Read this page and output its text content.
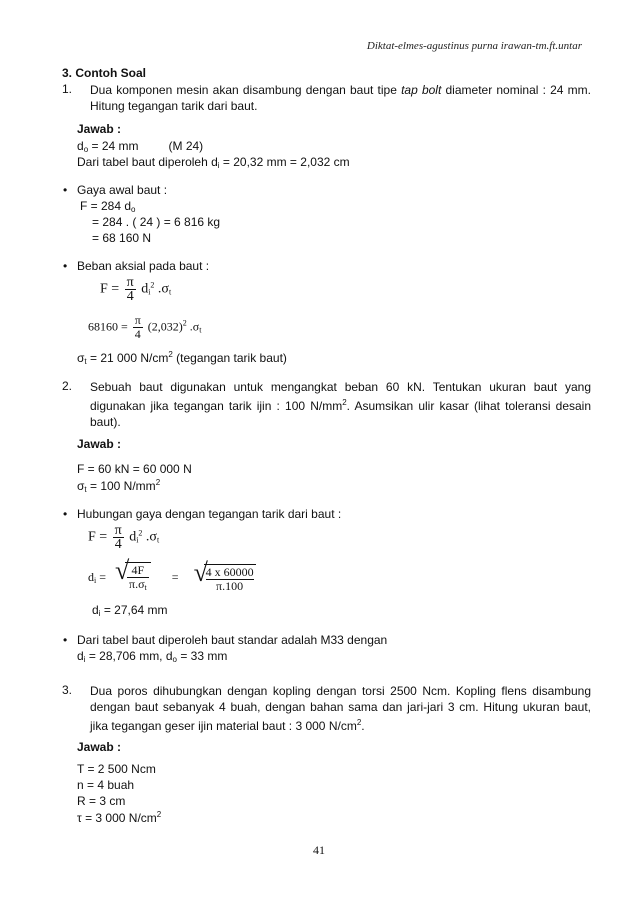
Diktat-elmes-agustinus purna irawan-tm.ft.untar
3. Contoh Soal
1. Dua komponen mesin akan disambung dengan baut tipe tap bolt diameter nominal : 24 mm. Hitung tegangan tarik dari baut.
Jawab :
$d_o = 24$ mm	(M 24)
Dari tabel baut diperoleh $d_i = 20,32$ mm = 2,032 cm
• Gaya awal baut :
F = 284 $d_o$
= 284 . ( 24 ) = 6 816 kg
= 68 160 N
• Beban aksial pada baut :
$F = \frac{\pi}{4} d_i^2$ $.\sigma_t$
$68160 = \frac{\pi}{4} (2,032)^2$ $.\sigma_t$
$\sigma_t = 21$ 000 $N/cm^2$ (tegangan tarik baut)
2. Sebuah baut digunakan untuk mengangkat beban 60 kN. Tentukan ukuran baut yang digunakan jika tegangan tarik ijin : 100 $N/mm^2$. Asumsikan ulir kasar (lihat toleransi desain baut).
Jawab :
F = 60 kN = 60 000 N
$\sigma_t = 100$ $N/mm^2$
• Hubungan gaya dengan tegangan tarik dari baut :
$F = \frac{\pi}{4} d_i^2$ $.\sigma_t$
$d_i$ = √
$\frac{4F}{\pi.\sigma_t}$ = √
$\frac{4 x 60000}{\pi.100}$
$d_i = 27,64$ mm
• Dari tabel baut diperoleh baut standar adalah M33 dengan
$d_i = 28,706$ mm, $d_o = 33$ mm
3. Dua poros dihubungkan dengan kopling dengan torsi 2500 Ncm. Kopling flens disambung dengan baut sebanyak 4 buah, dengan bahan sama dan jari-jari 3 cm. Hitung ukuran baut, jika tegangan geser ijin material baut : 3 000 $N/cm^2$.
Jawab :
T = 2 500 Ncm
n = 4 buah
R = 3 cm
τ = 3 000 $N/cm^2$
41
